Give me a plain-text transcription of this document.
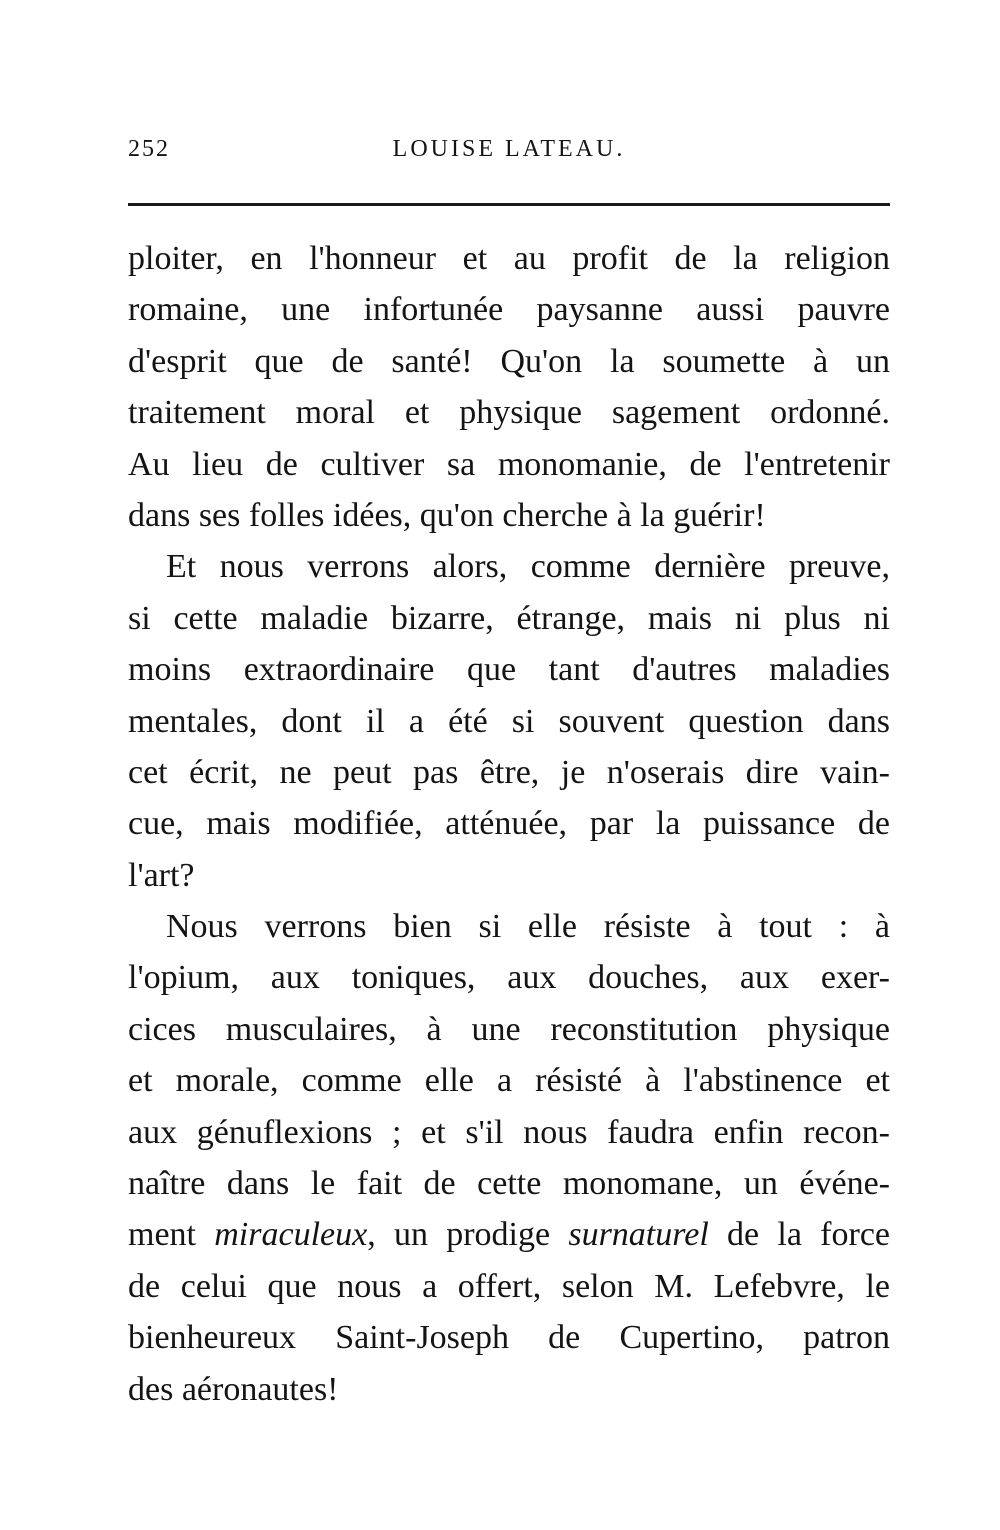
252	LOUISE LATEAU.
ploiter, en l'honneur et au profit de la religion
romaine, une infortunée paysanne aussi pauvre
d'esprit que de santé! Qu'on la soumette à un
traitement moral et physique sagement ordonné.
Au lieu de cultiver sa monomanie, de l'entretenir
dans ses folles idées, qu'on cherche à la guérir!
Et nous verrons alors, comme dernière preuve,
si cette maladie bizarre, étrange, mais ni plus ni
moins extraordinaire que tant d'autres maladies
mentales, dont il a été si souvent question dans
cet écrit, ne peut pas être, je n'oserais dire vain-
cue, mais modifiée, atténuée, par la puissance de
l'art?
Nous verrons bien si elle résiste à tout : à
l'opium, aux toniques, aux douches, aux exer-
cices musculaires, à une reconstitution physique
et morale, comme elle a résisté à l'abstinence et
aux génuflexions ; et s'il nous faudra enfin recon-
naître dans le fait de cette monomane, un événe-
ment miraculeux, un prodige surnaturel de la force
de celui que nous a offert, selon M. Lefebvre, le
bienheureux Saint-Joseph de Cupertino, patron
des aéronautes!
